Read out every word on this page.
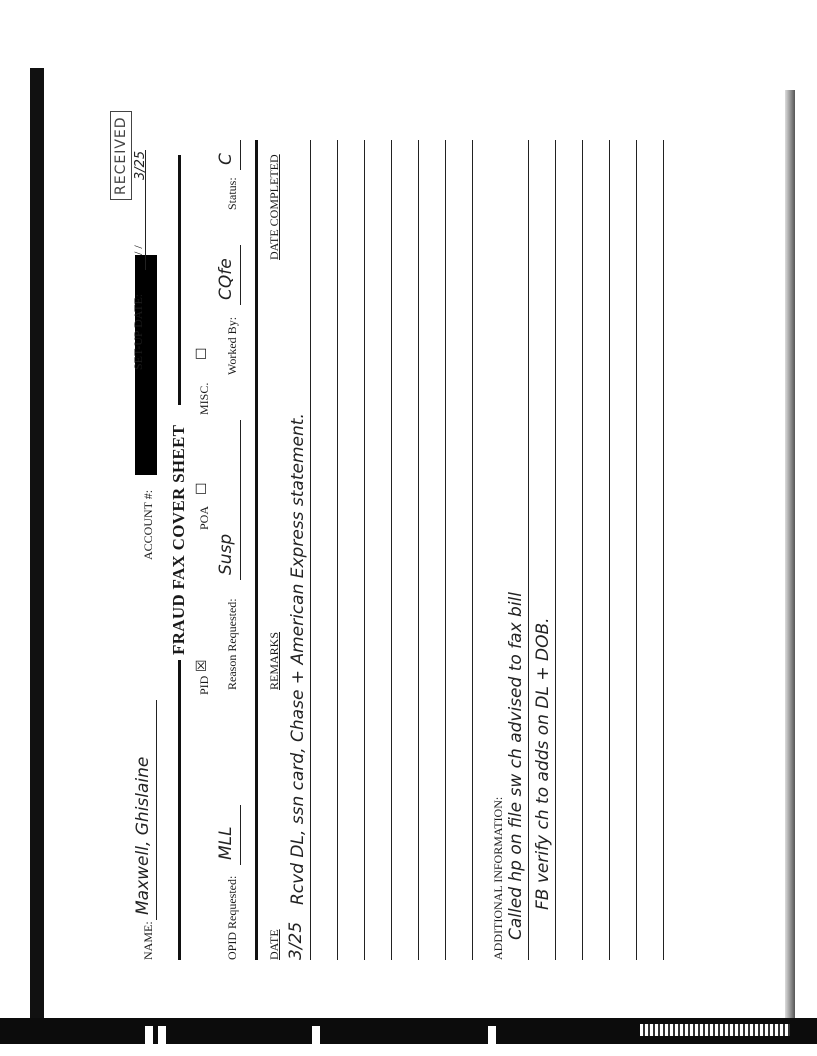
NAME:
Maxwell, Ghislaine
ACCOUNT #:
SET-UP DATE:
/ /
RECEIVED 3/25
FRAUD FAX COVER SHEET
PID
☒
POA
☐
MISC.
☐
OPID Requested:
MLL
Reason Requested:
Susp
Worked By:
CQfe
Status:
C
DATE
REMARKS
DATE COMPLETED
3/25
Rcvd DL, ssn card, Chase + American Express statement.	ADDITIONAL INFORMATION: Called hp on file sw ch advised to fax bill FB verify ch to adds on DL + DOB.
